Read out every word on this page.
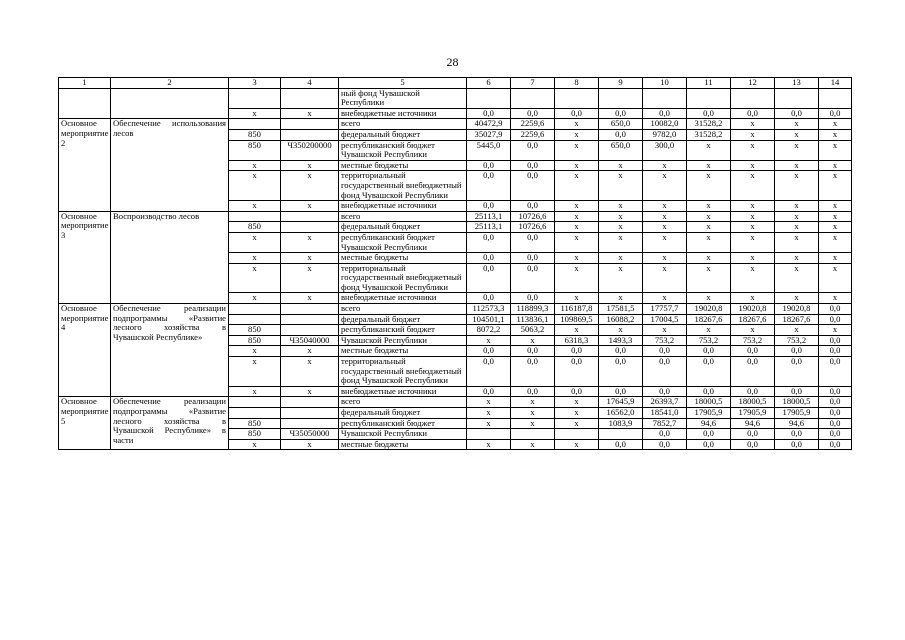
28
1	2	3	4	5	6	7	8	9	10	11	12	13	14
				ный фонд Чувашской Республики									
		х	х	внебюджетные источники	0,0	0,0	0,0	0,0	0,0	0,0	0,0	0,0	0,0
Основное мероприятие 2	Обеспечение использования лесов			всего	40472,9	2259,6	х	650,0	10082,0	31528,2	х	х	х
		850		федеральный бюджет	35027,9	2259,6	х	0,0	9782,0	31528,2	х	х	х
		850	Ч350200000	республиканский бюджет Чувашской Республики	5445,0	0,0	х	650,0	300,0	х	х	х	х
		х	х	местные бюджеты	0,0	0,0	х	х	х	х	х	х	х
		х	х	территориальный государственный внебюджетный фонд Чувашской Республики	0,0	0,0	х	х	х	х	х	х	х
		х	х	внебюджетные источники	0,0	0,0	х	х	х	х	х	х	х
Основное мероприятие 3	Воспроизводство лесов			всего	25113,1	10726,6	х	х	х	х	х	х	х
		850		федеральный бюджет	25113,1	10726,6	х	х	х	х	х	х	х
		х	х	республиканский бюджет Чувашской Республики	0,0	0,0	х	х	х	х	х	х	х
		х	х	местные бюджеты	0,0	0,0	х	х	х	х	х	х	х
		х	х	территориальный государственный внебюджетный фонд Чувашской Республики	0,0	0,0	х	х	х	х	х	х	х
		х	х	внебюджетные источники	0,0	0,0	х	х	х	х	х	х	х
Основное мероприятие 4	Обеспечение реализации подпрограммы «Развитие лесного хозяйства в Чувашской Республике»			всего	112573,3	118899,3	116187,8	17581,5	17757,7	19020,8	19020,8	19020,8	0,0
				федеральный бюджет	104501,1	113836,1	109869,5	16088,2	17004,5	18267,6	18267,6	18267,6	0,0
		850		республиканский бюджет	8072,2	5063,2	х	х	х	х	х	х	х
		850	Ч35040000	Чувашской Республики	х	х	6318,3	1493,3	753,2	753,2	753,2	753,2	0,0
		х	х	местные бюджеты	0,0	0,0	0,0	0,0	0,0	0,0	0,0	0,0	0,0
		х	х	территориальный государственный внебюджетный фонд Чувашской Республики	0,0	0,0	0,0	0,0	0,0	0,0	0,0	0,0	0,0
		х	х	внебюджетные источники	0,0	0,0	0,0	0,0	0,0	0,0	0,0	0,0	0,0
Основное мероприятие 5	Обеспечение реализации подпрограммы «Развитие лесного хозяйства в Чувашской Республике» в части			всего	х	х	х	17645,9	26393,7	18000,5	18000,5	18000,5	0,0
				федеральный бюджет	х	х	х	16562,0	18541,0	17905,9	17905,9	17905,9	0,0
		850		республиканский бюджет	х	х	х	1083,9	7852,7	94,6	94,6	94,6	0,0
		850	Ч35050000	Чувашской Республики					0,0	0,0	0,0	0,0	0,0
		х	х	местные бюджеты	х	х	х	0,0	0,0	0,0	0,0	0,0	0,0
